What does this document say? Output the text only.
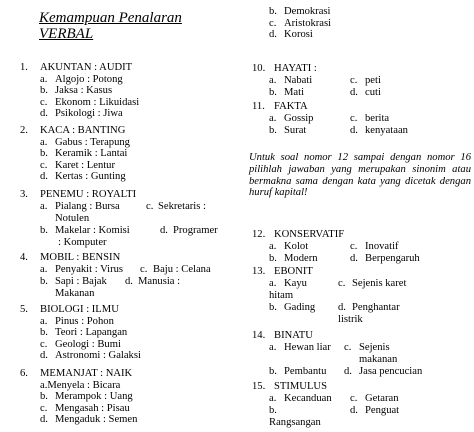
Kemampuan Penalaran
VERBAL
1.	AKUNTAN : AUDIT
a. Algojo : Potong
b. Jaksa : Kasus
c. Ekonom : Likuidasi
d. Psikologi : Jiwa
2.	KACA : BANTING
a. Gabus : Terapung
b. Keramik : Lantai
c. Karet : Lentur
d. Kertas : Gunting
3.	PENEMU : ROYALTI
a. Pialang : Bursa c. Sekretaris :
Notulen
b. Makelar : Komisi	d. Programer
: Komputer
4.	MOBIL : BENSIN
a. Penyakit : Virus c. Baju : Celana
b. Sapi : Bajak d. Manusia :
Makanan
5.	BIOLOGI : ILMU
a. Pinus : Pohon
b. Teori : Lapangan
c. Geologi : Bumi
d. Astronomi : Galaksi
6.	MEMANJAT : NAIK
a.Menyela : Bicara
b. Merampok : Uang
c. Mengasah : Pisau
d. Mengaduk : Semen
b. Demokrasi
c. Aristokrasi
d. Korosi
10. HAYATI :
a. Nabati	c. peti
b. Mati	d. cuti
11. FAKTA
a. Gossip	c. berita
b. Surat	d. kenyataan
Untuk soal nomor 12 sampai dengan nomor 16 pilihlah jawaban yang merupakan sinonim atau bermakna sama dengan kata yang dicetak dengan huruf kapital!
12. KONSERVATIF
a. Kolot	c. Inovatif
b. Modern	d. Berpengaruh
13. EBONIT
a. Kayu	c. Sejenis karet
hitam
b. Gading d. Penghantar
listrik
14. BINATU
a. Hewan liar c. Sejenis
makanan
b. Pembantu d. Jasa pencucian
15. STIMULUS
a. Kecanduan c. Getaran
b.	d. Penguat
Rangsangan
